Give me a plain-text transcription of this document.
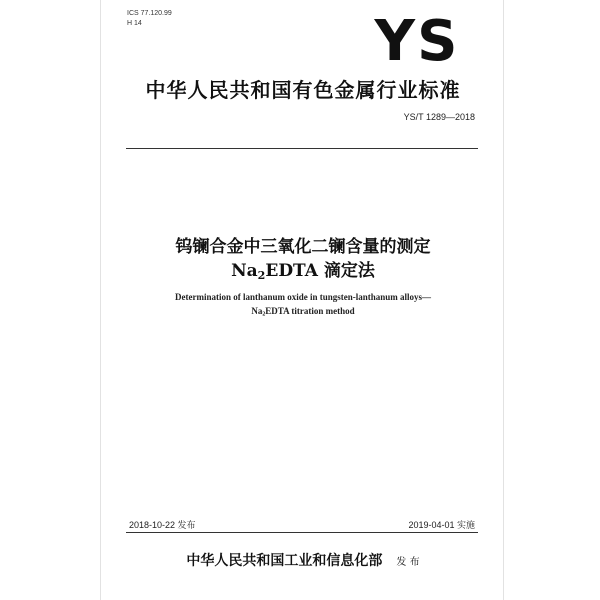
ICS 77.120.99
H 14	YS
中华人民共和国有色金属行业标准
YS/T 1289—2018
钨镧合金中三氧化二镧含量的测定
$Na_2EDTA$ 滴定法
Determination of lanthanum oxide in tungsten-lanthanum alloys—
$Na_2EDTA$ titration method
2018-10-22 发布	2019-04-01 实施
中华人民共和国工业和信息化部 发 布
